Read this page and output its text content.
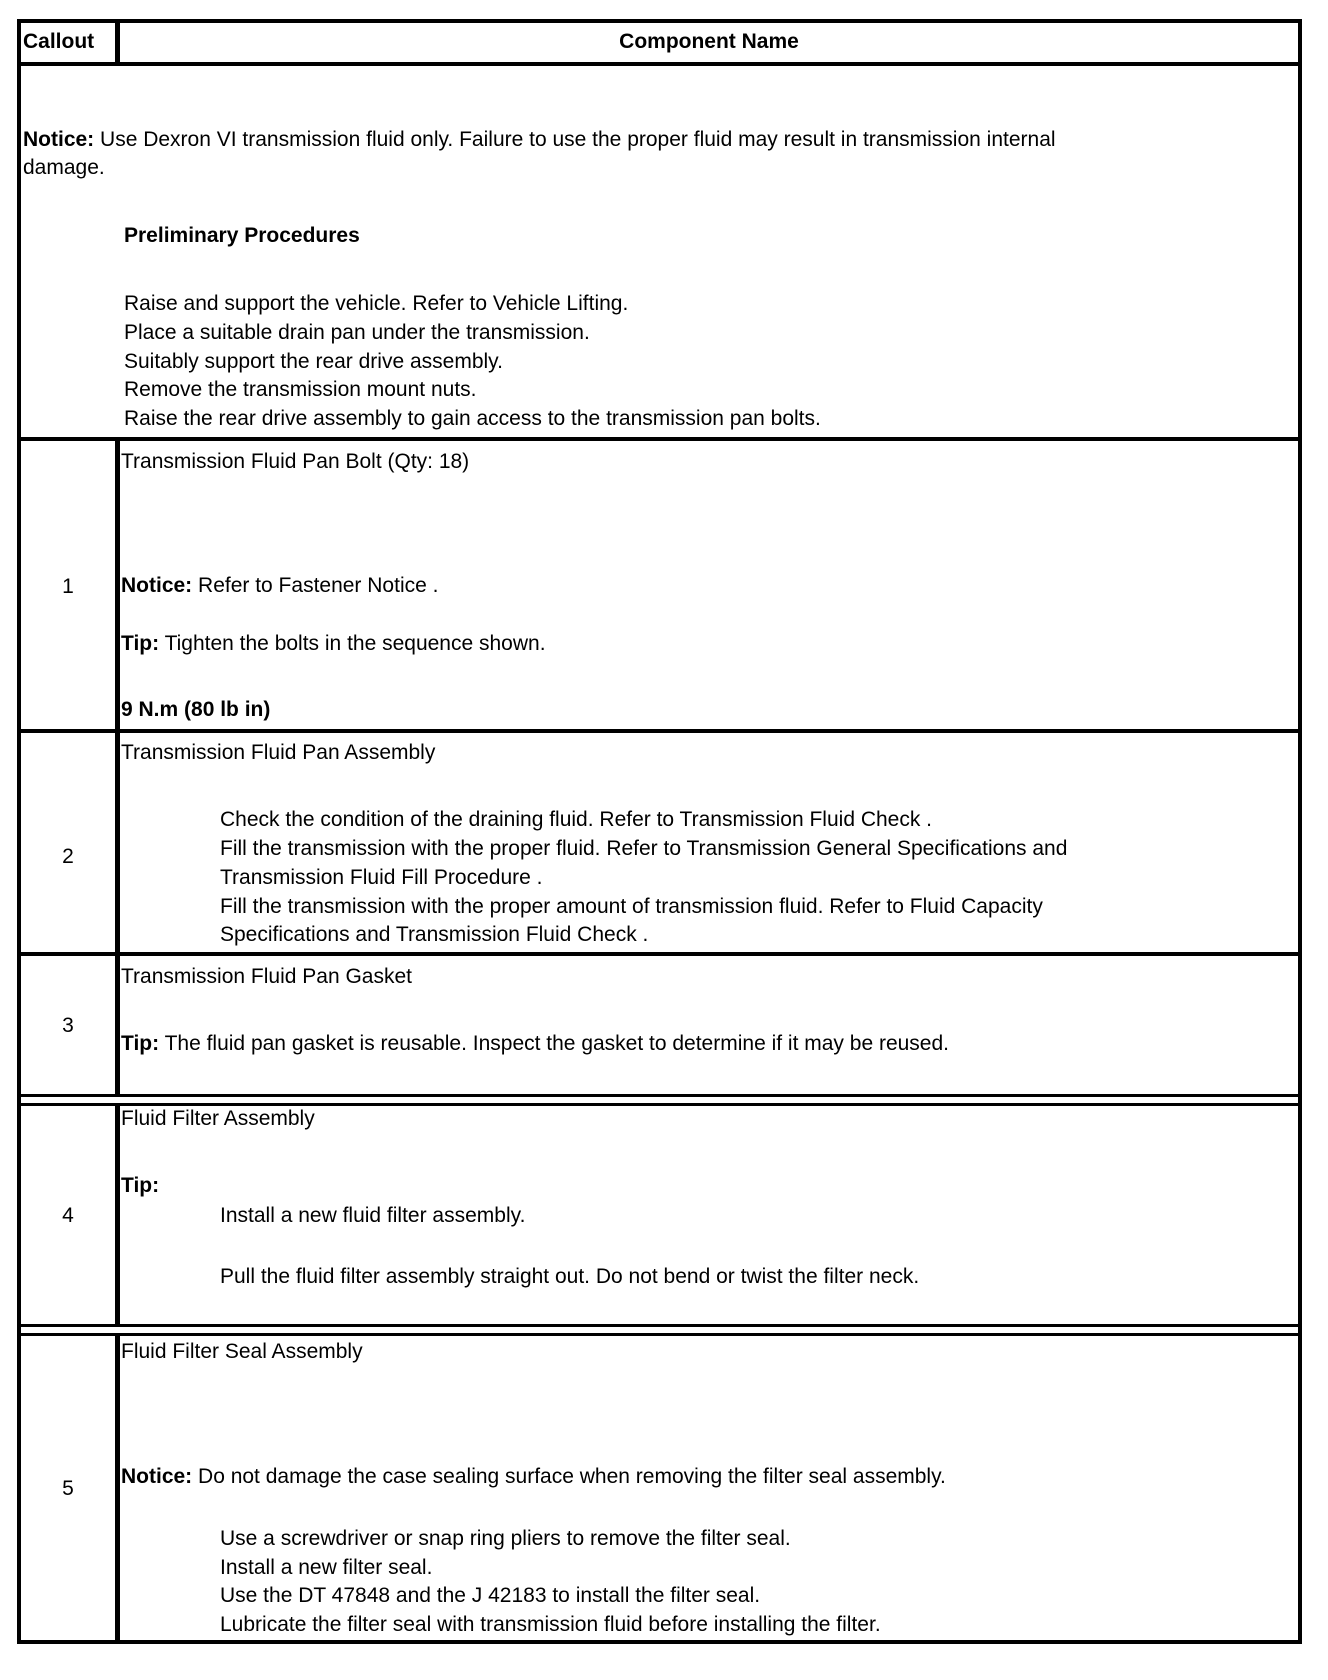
Callout	Component Name
Notice: Use Dexron VI transmission fluid only. Failure to use the proper fluid may result in transmission internal
damage.
Preliminary Procedures
Raise and support the vehicle. Refer to Vehicle Lifting.
Place a suitable drain pan under the transmission.
Suitably support the rear drive assembly.
Remove the transmission mount nuts.
Raise the rear drive assembly to gain access to the transmission pan bolts.
1
Transmission Fluid Pan Bolt (Qty: 18)
Notice: Refer to Fastener Notice .
Tip: Tighten the bolts in the sequence shown.
9 N.m (80 lb in)
2
Transmission Fluid Pan Assembly
Check the condition of the draining fluid. Refer to Transmission Fluid Check .
Fill the transmission with the proper fluid. Refer to Transmission General Specifications and
Transmission Fluid Fill Procedure .
Fill the transmission with the proper amount of transmission fluid. Refer to Fluid Capacity
Specifications and Transmission Fluid Check .
3
Transmission Fluid Pan Gasket
Tip: The fluid pan gasket is reusable. Inspect the gasket to determine if it may be reused.
4
Fluid Filter Assembly
Tip:
Install a new fluid filter assembly.
Pull the fluid filter assembly straight out. Do not bend or twist the filter neck.
5
Fluid Filter Seal Assembly
Notice: Do not damage the case sealing surface when removing the filter seal assembly.
Use a screwdriver or snap ring pliers to remove the filter seal.
Install a new filter seal.
Use the DT 47848 and the J 42183 to install the filter seal.
Lubricate the filter seal with transmission fluid before installing the filter.
